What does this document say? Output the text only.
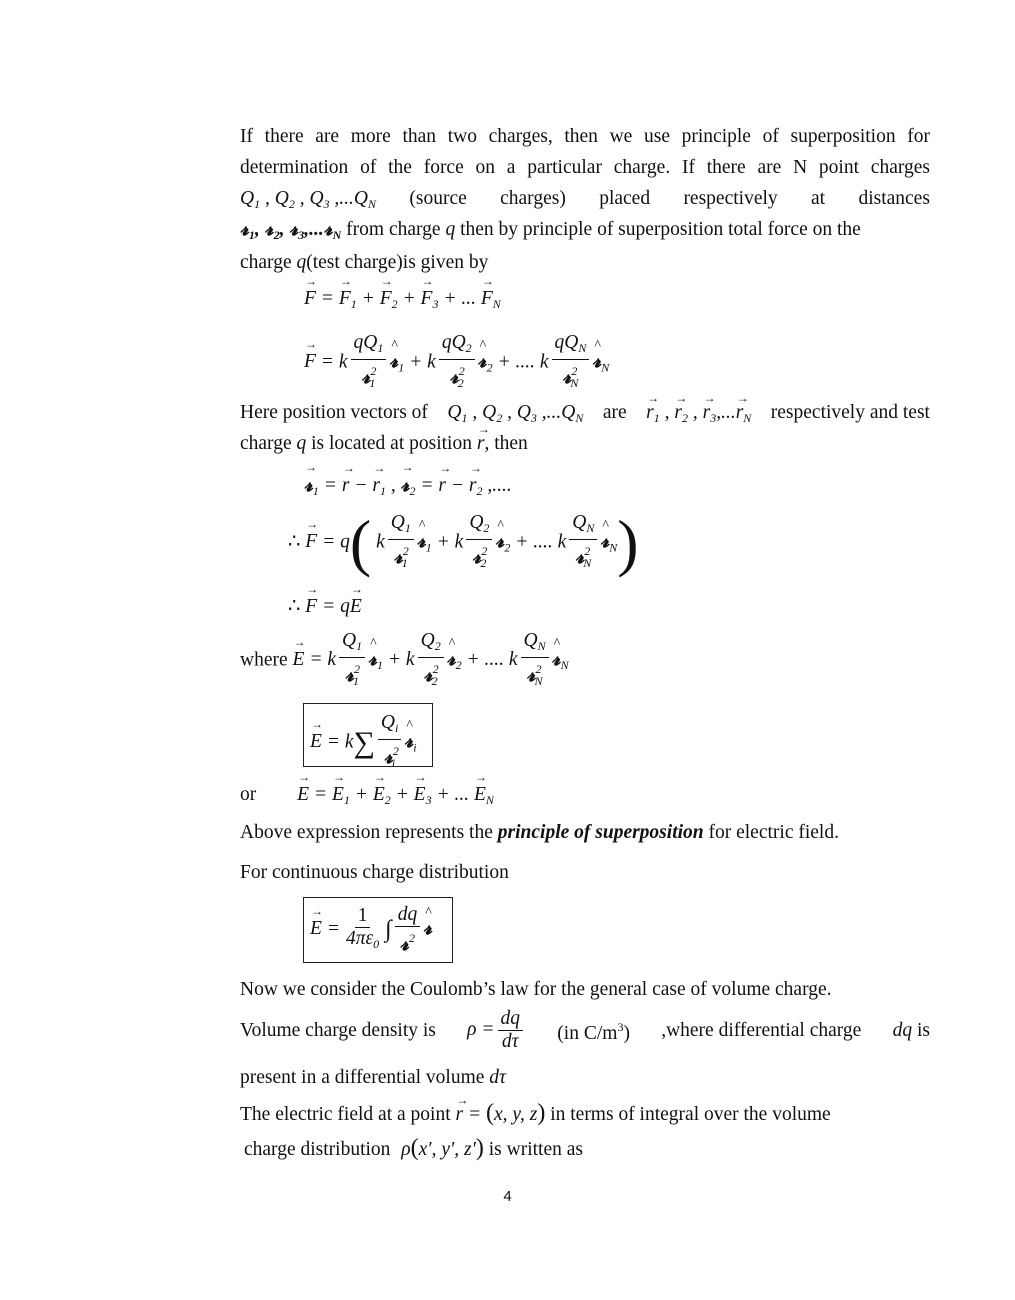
If there are more than two charges, then we use principle of superposition for
determination of the force on a particular charge. If there are N point charges
$Q_1$ , $Q_2$ , $Q_3$ $,...Q_N$ (source charges) placed respectively at distances
𝓻$_1$, 𝓻$_2$, 𝓻$_3$,...𝓻$_N$ from charge q then by principle of superposition total force on the
charge q(test charge)is given by
→ F = → $F_1$ + → $F_2$ + → $F_3$ + ... → $F_N$
→ F = k $\frac{qQ_1}{𝓻^2_1}$ ^ 𝓻$_1$ + k $\frac{qQ_2}{𝓻^2_2}$ ^ 𝓻$_2$ + .... k $\frac{qQ_N}{𝓻^2_N}$ ^ 𝓻$_N$
Here position vectors of $Q_1$ , $Q_2$ , $Q_3$ $,...Q_N$ are → $r_1$ , → $r_2$ , → $r_3,...\to r_N$ respectively and test
charge q is located at position → r, then
→ 𝓻$_1$ = → r − → $r_1$ , → 𝓻$_2$ = → r − → $r_2$ ,....
∴ → F = q( k $\frac{Q_1}{𝓻^2_1}$ ^ 𝓻$_1$ + k $\frac{Q_2}{𝓻^2_2}$ ^ 𝓻$_2$ + .... k $\frac{Q_N}{𝓻^2_N}$ ^ 𝓻$_N$)
∴ → F = q→ E
where → E = k $\frac{Q_1}{𝓻^2_1}$ ^ 𝓻$_1$ + k $\frac{Q_2}{𝓻^2_2}$ ^ 𝓻$_2$ + .... k $\frac{Q_N}{𝓻^2_N}$ ^ 𝓻$_N$
→ $E = k\sum \frac{Q_i}{𝓻^2_i}$ ^ 𝓻$_i$
or → E = → $E_1$ + → $E_2$ + → $E_3$ + ... → $E_N$
Above expression represents the principle of superposition for electric field.
For continuous charge distribution
→ $E = \frac{1}{4\pi\varepsilon_0}$ ∫ $\frac{dq}{𝓻^2}$ ^ 𝓻
Now we consider the Coulomb’s law for the general case of volume charge.
Volume charge density is $\rho = \frac{dq}{d\tau} (in$ $C/m^3$) ,where differential charge dq is
present in a differential volume dτ
The electric field at a point → r = (x, y, z) in terms of integral over the volume
charge distribution ρ(x′, y′, z′) is written as
4
